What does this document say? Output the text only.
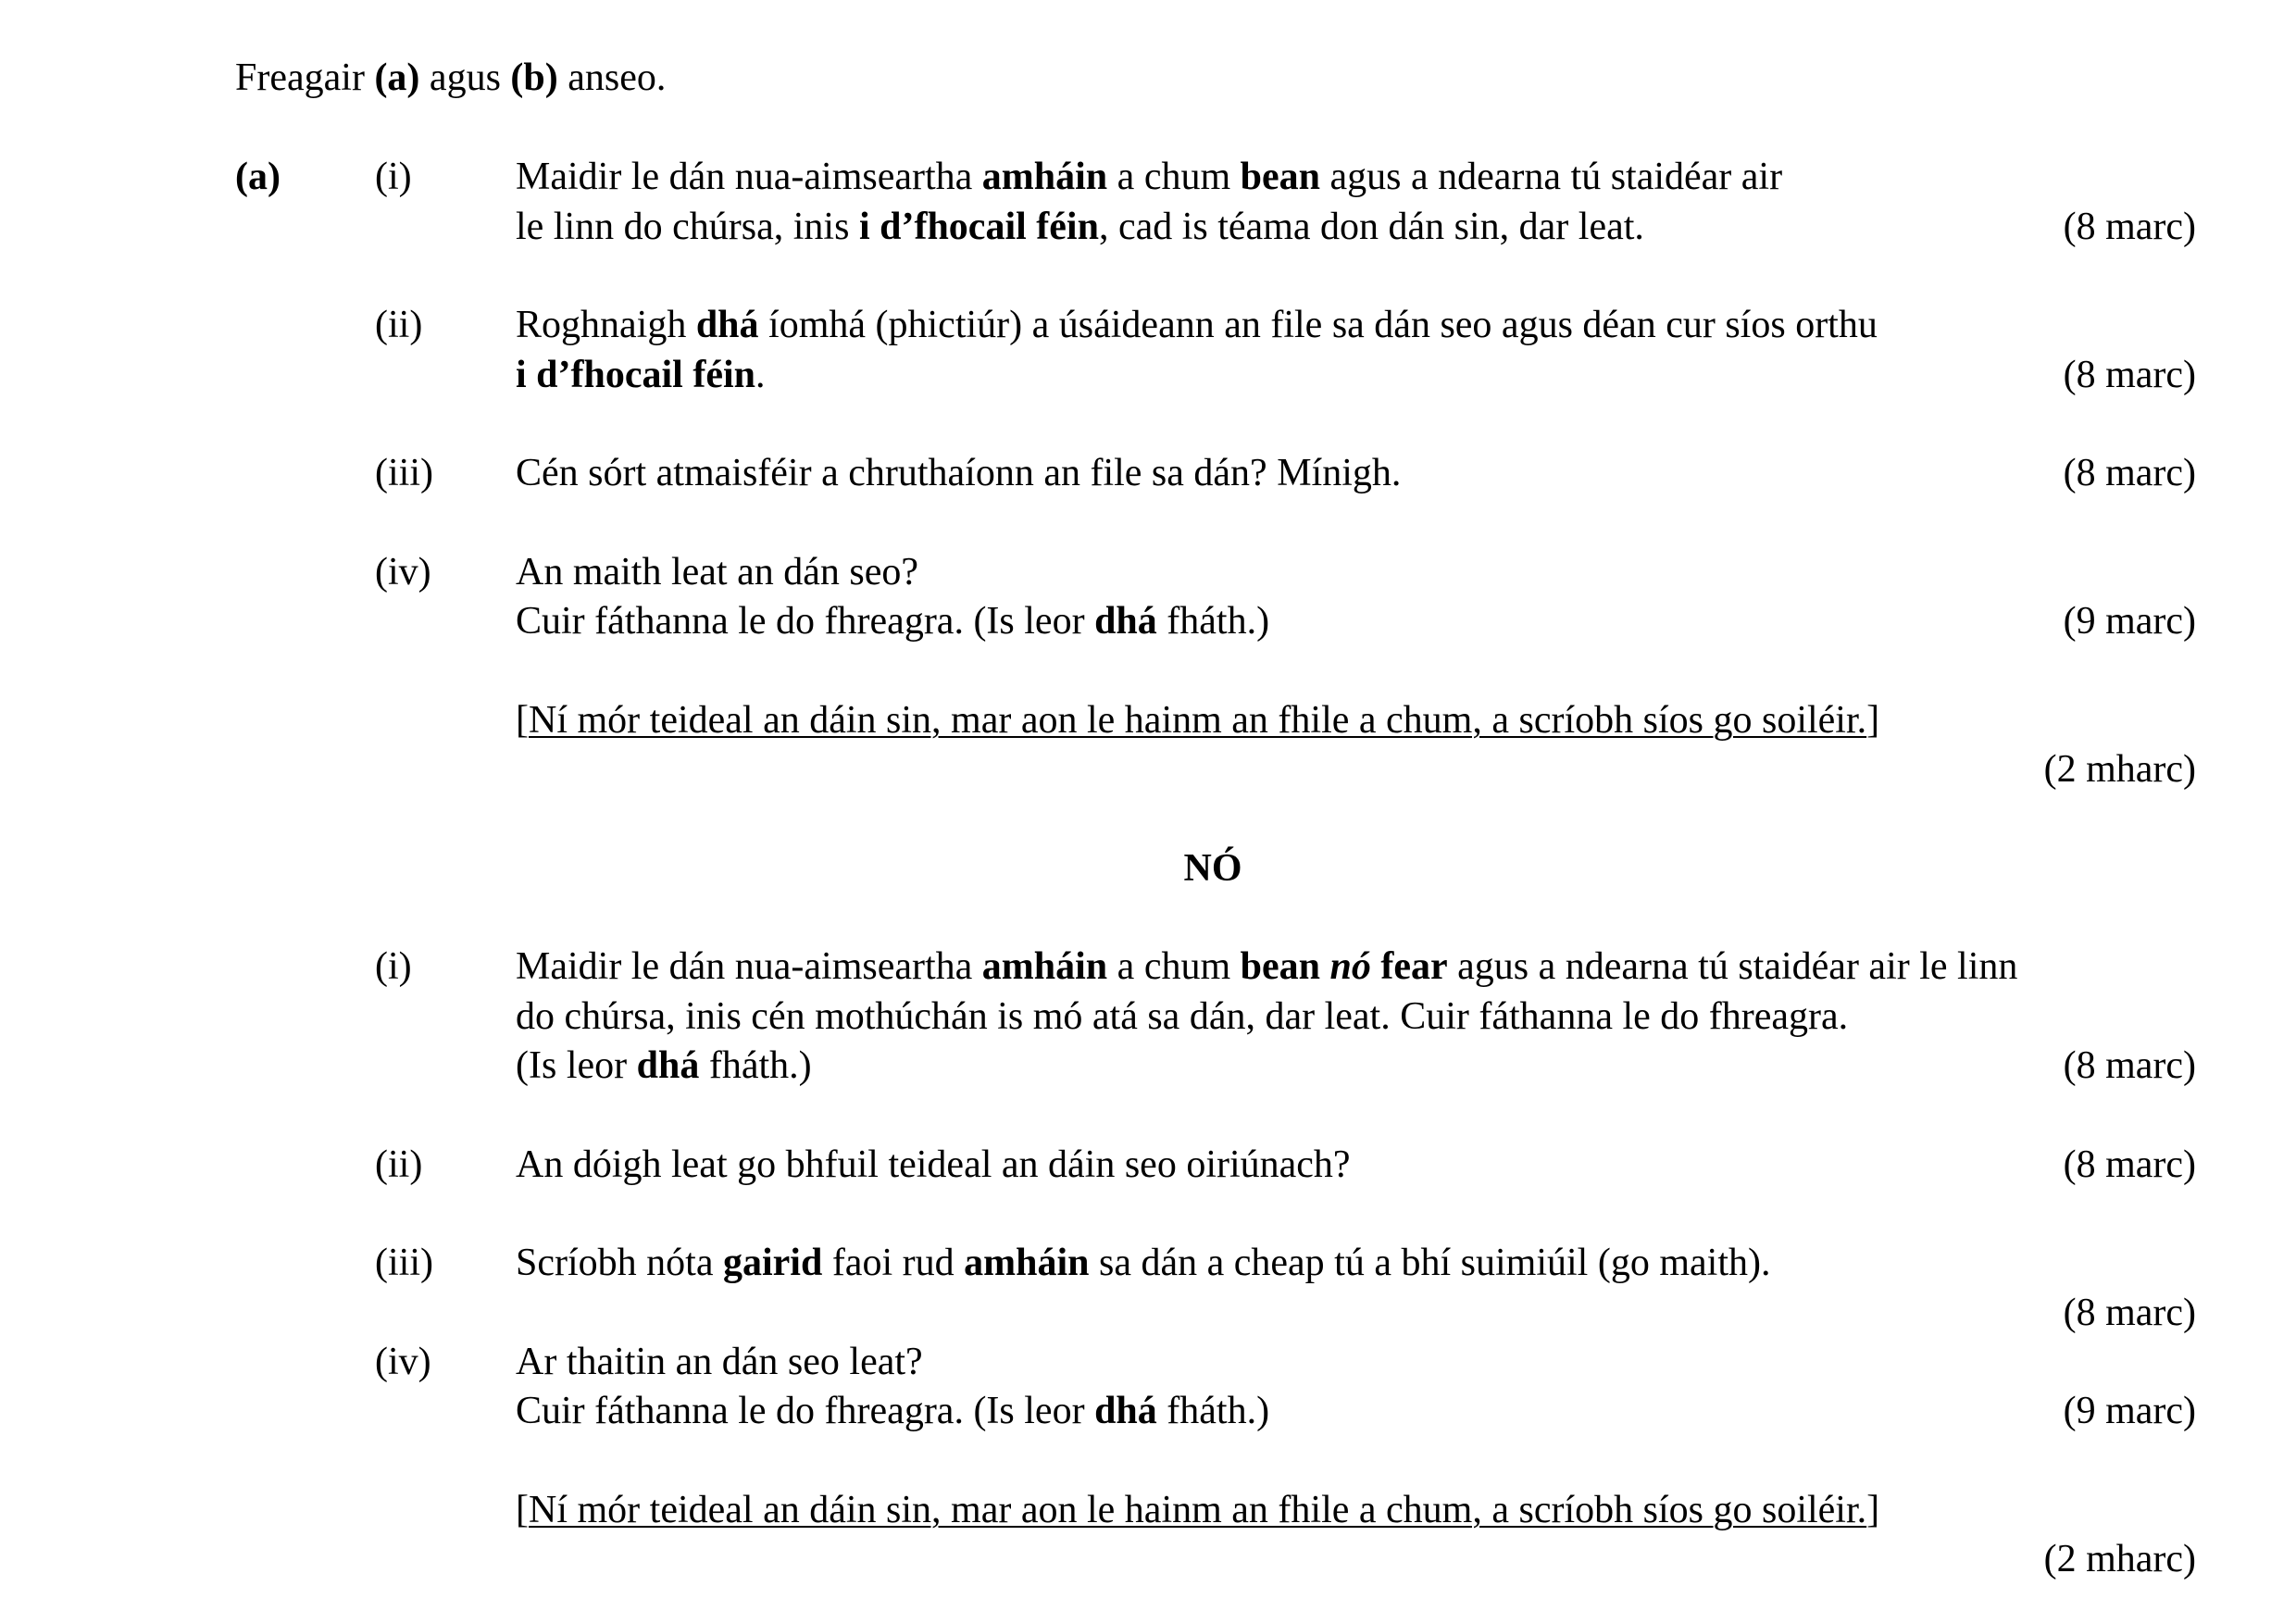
Freagair (a) agus (b) anseo.
(a) (i)	Maidir le dán nua-aimseartha amháin a chum bean agus a ndearna tú staidéar air
le linn do chúrsa, inis i d’fhocail féin, cad is téama don dán sin, dar leat.	(8 marc)
(ii) Roghnaigh dhá íomhá (phictiúr) a úsáideann an file sa dán seo agus déan cur síos orthu
i d’fhocail féin.	(8 marc)
(iii) Cén sórt atmaisféir a chruthaíonn an file sa dán? Mínigh.	(8 marc)
(iv) An maith leat an dán seo?
Cuir fáthanna le do fhreagra. (Is leor dhá fháth.)	(9 marc)
[Ní mór teideal an dáin sin, mar aon le hainm an fhile a chum, a scríobh síos go soiléir.]
(2 mharc)
NÓ
(i)	Maidir le dán nua-aimseartha amháin a chum bean nó fear agus a ndearna tú staidéar air le linn
do chúrsa, inis cén mothúchán is mó atá sa dán, dar leat. Cuir fáthanna le do fhreagra.
(Is leor dhá fháth.)	(8 marc)
(ii) An dóigh leat go bhfuil teideal an dáin seo oiriúnach?	(8 marc)
(iii) Scríobh nóta gairid faoi rud amháin sa dán a cheap tú a bhí suimiúil (go maith).
(8 marc)
(iv) Ar thaitin an dán seo leat?
Cuir fáthanna le do fhreagra. (Is leor dhá fháth.)	(9 marc)
[Ní mór teideal an dáin sin, mar aon le hainm an fhile a chum, a scríobh síos go soiléir.]
(2 mharc)
